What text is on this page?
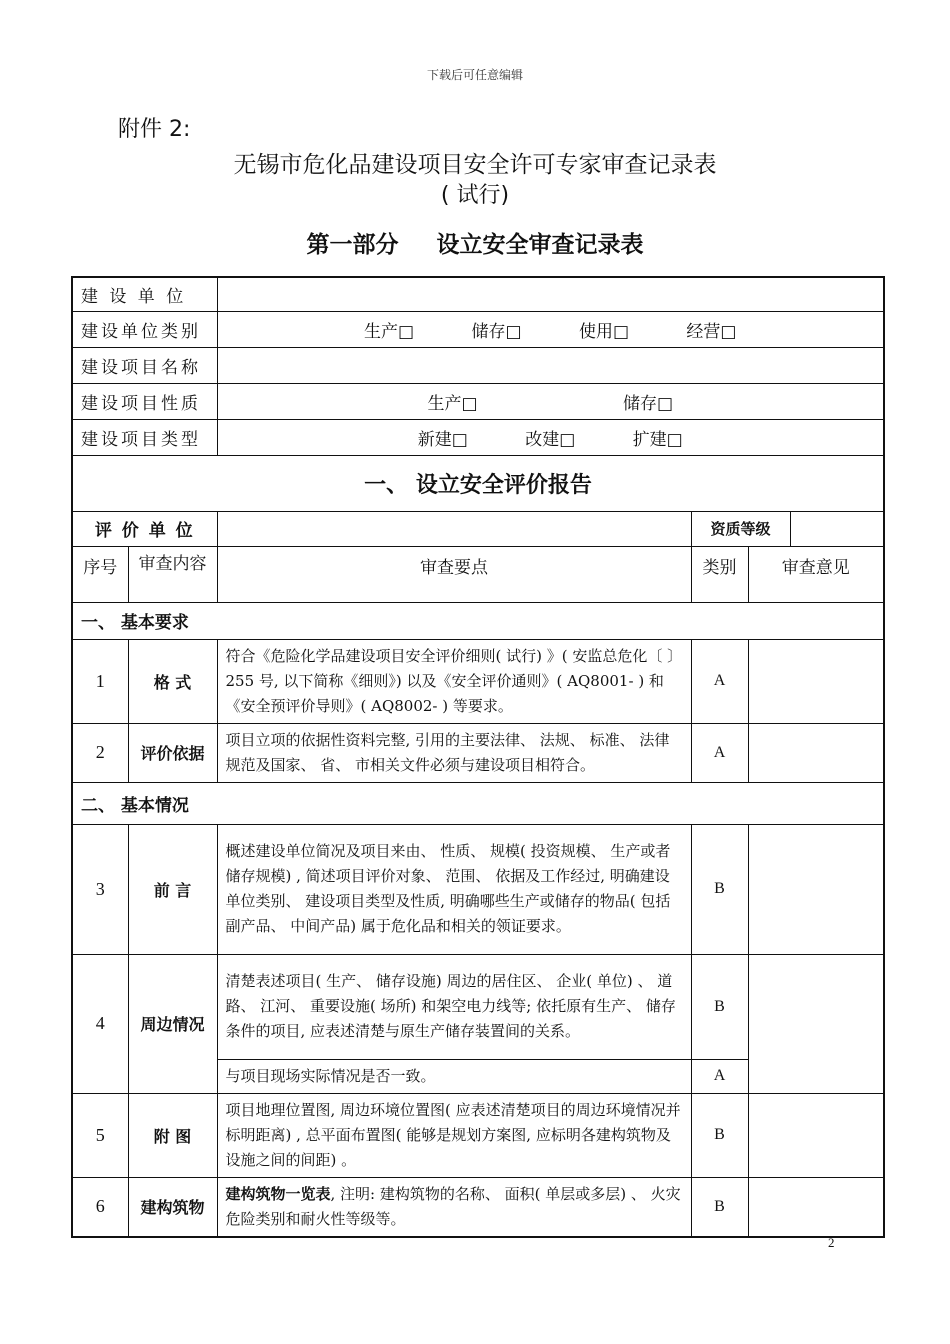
下载后可任意编辑
附件 2:
无锡市危化品建设项目安全许可专家审查记录表
( 试行)
第一部分 设立安全审查记录表
建 设 单 位					
建设单位类别		生产□ 储存□ 使用□ 经营□			
建设项目名称					
建设项目性质		生产□ 储存□			
建设项目类型		新建□ 改建□ 扩建□			
一、 设立安全评价报告					
评 价 单 位			资质等级		
序号	审查内容	审查要点	类别	审查意见	
一、 基本要求					
1	格 式	符合《危险化学品建设项目安全评价细则( 试行) 》( 安监总危化〔 〕255 号, 以下简称《细则》) 以及《安全评价通则》( AQ8001- ) 和《安全预评价导则》( AQ8002- ) 等要求。	A		
2	评价依据	项目立项的依据性资料完整, 引用的主要法律、 法规、 标准、 法律规范及国家、 省、 市相关文件必须与建设项目相符合。	A		
二、 基本情况					
3	前 言	概述建设单位简况及项目来由、 性质、 规模( 投资规模、 生产或者储存规模) , 简述项目评价对象、 范围、 依据及工作经过, 明确建设单位类别、 建设项目类型及性质, 明确哪些生产或储存的物品( 包括副产品、 中间产品) 属于危化品和相关的领证要求。	B		
4	周边情况	清楚表述项目( 生产、 储存设施) 周边的居住区、 企业( 单位) 、 道路、 江河、 重要设施( 场所) 和架空电力线等; 依托原有生产、 储存条件的项目, 应表述清楚与原生产储存装置间的关系。	B		
		与项目现场实际情况是否一致。	A		
5	附 图	项目地理位置图, 周边环境位置图( 应表述清楚项目的周边环境情况并标明距离) , 总平面布置图( 能够是规划方案图, 应标明各建构筑物及设施之间的间距) 。	B		
6	建构筑物	建构筑物一览表, 注明: 建构筑物的名称、 面积( 单层或多层) 、 火灾危险类别和耐火性等级等。	B		
2
